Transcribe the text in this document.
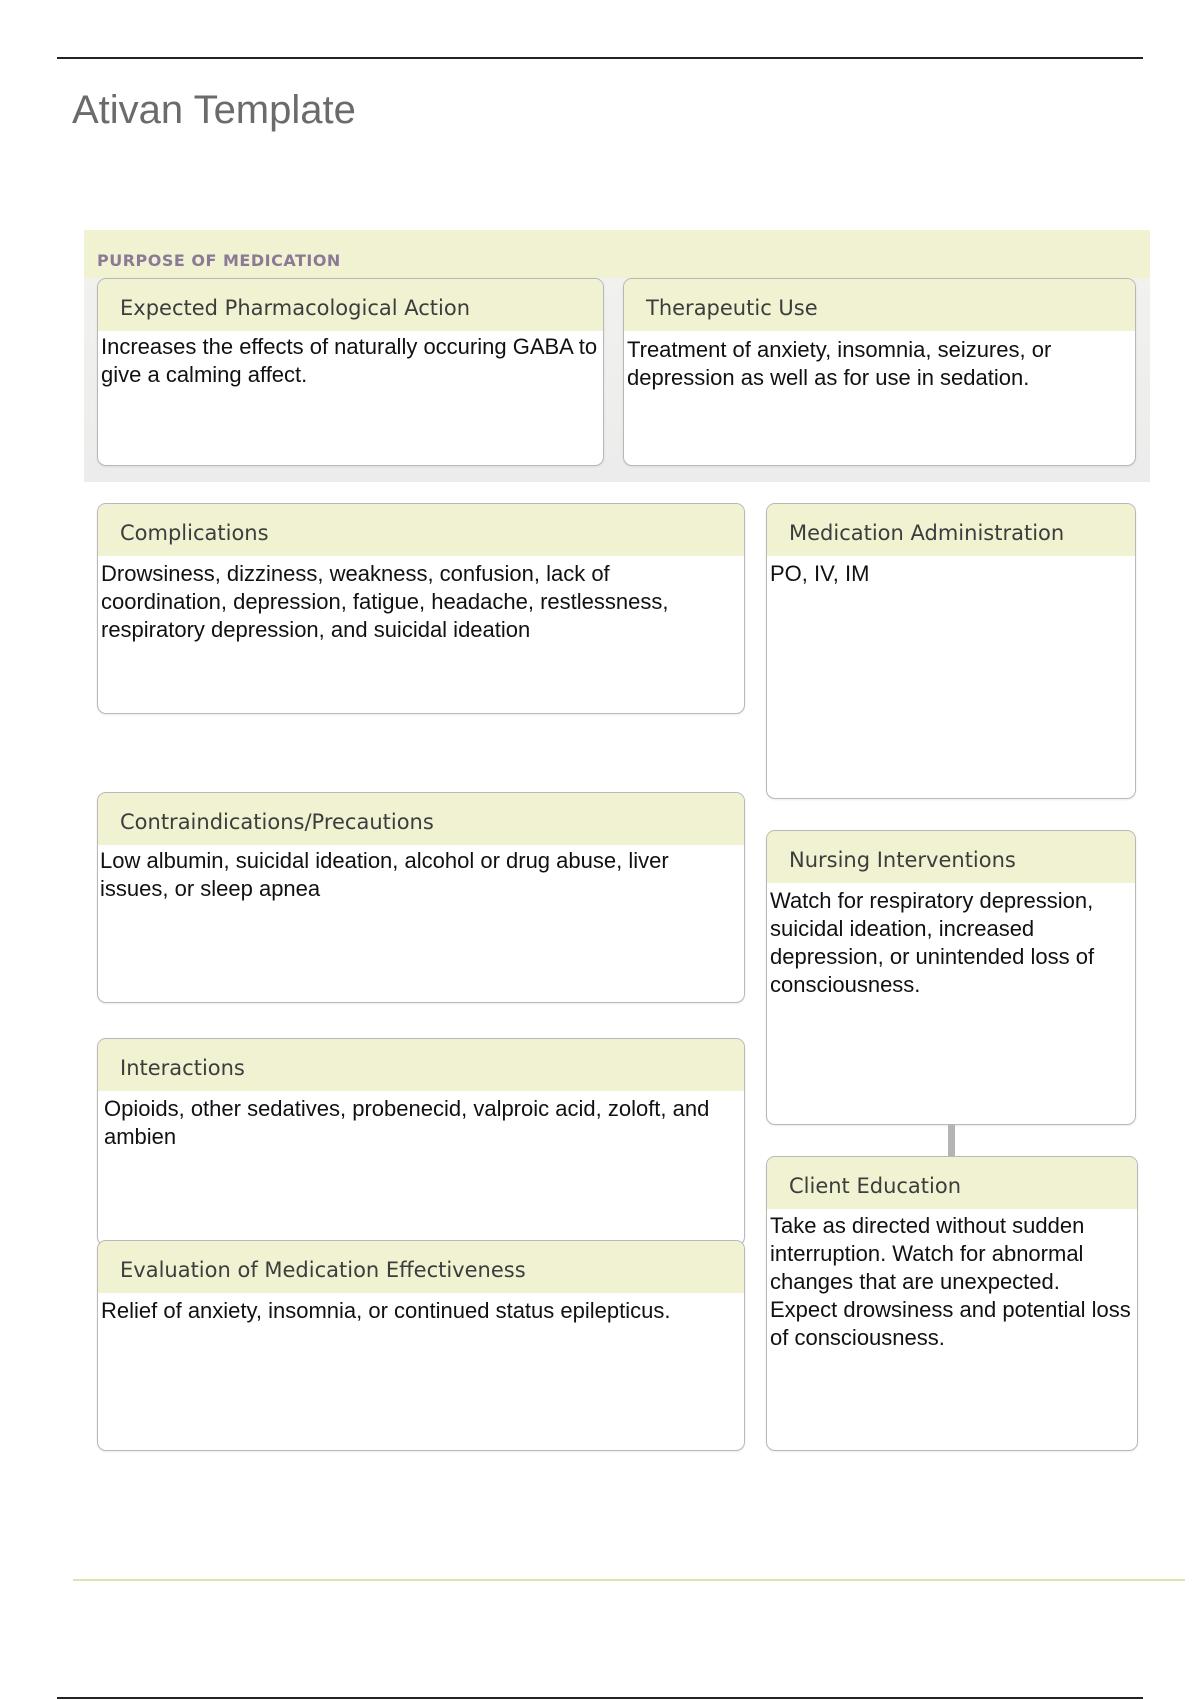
Ativan Template
PURPOSE OF MEDICATION
Expected Pharmacological Action
Increases the effects of naturally occuring GABA to give a calming affect.
Therapeutic Use
Treatment of anxiety, insomnia, seizures, or depression as well as for use in sedation.
Complications
Drowsiness, dizziness, weakness, confusion, lack of coordination, depression, fatigue, headache, restlessness, respiratory depression, and suicidal ideation
Medication Administration
PO, IV, IM
Contraindications/Precautions
Low albumin, suicidal ideation, alcohol or drug abuse, liver issues, or sleep apnea
Nursing Interventions
Watch for respiratory depression, suicidal ideation, increased depression, or unintended loss of consciousness.
Interactions
Opioids, other sedatives, probenecid, valproic acid, zoloft, and ambien
Client Education
Take as directed without sudden interruption. Watch for abnormal changes that are unexpected. Expect drowsiness and potential loss of consciousness.
Evaluation of Medication Effectiveness
Relief of anxiety, insomnia, or continued status epilepticus.
